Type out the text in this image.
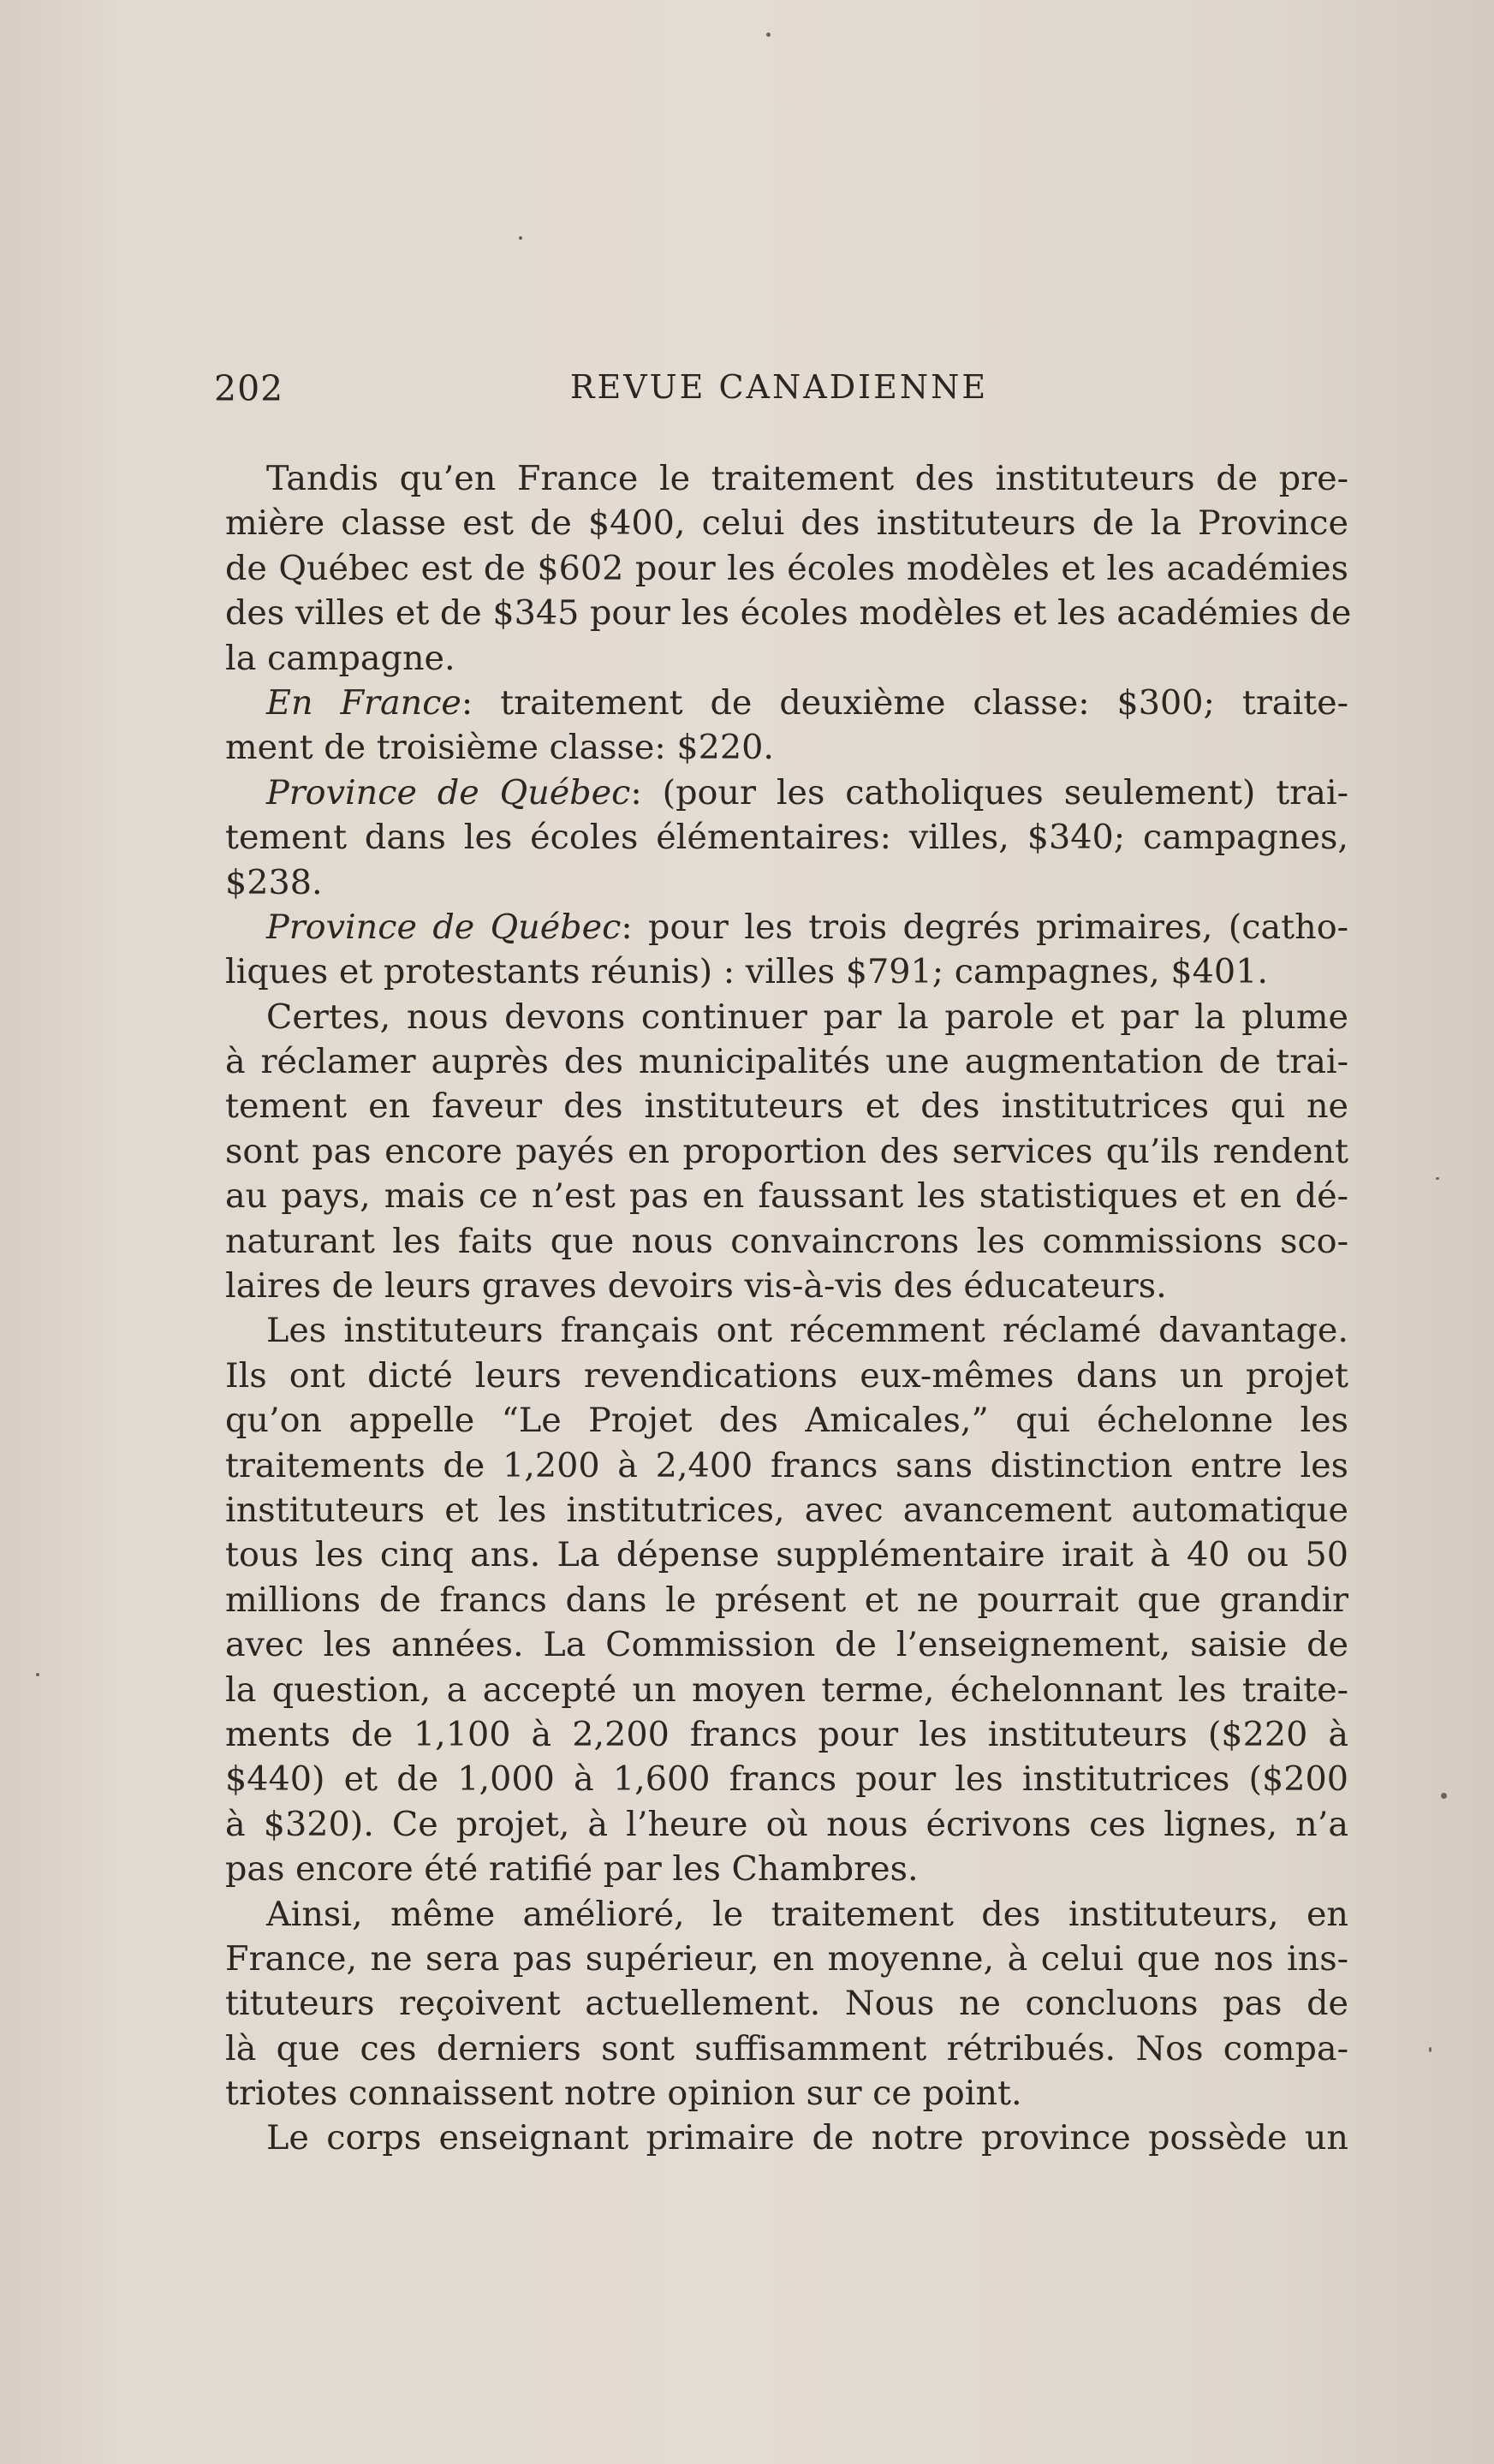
202	REVUE CANADIENNE
Tandis qu’en France le traitement des instituteurs de pre-
mière classe est de $400, celui des instituteurs de la Province
de Québec est de $602 pour les écoles modèles et les académies
des villes et de $345 pour les écoles modèles et les académies de
la campagne.
En France: traitement de deuxième classe: $300; traite-
ment de troisième classe: $220.
Province de Québec: (pour les catholiques seulement) trai-
tement dans les écoles élémentaires: villes, $340; campagnes,
$238.
Province de Québec: pour les trois degrés primaires, (catho-
liques et protestants réunis) : villes $791; campagnes, $401.
Certes, nous devons continuer par la parole et par la plume
à réclamer auprès des municipalités une augmentation de trai-
tement en faveur des instituteurs et des institutrices qui ne
sont pas encore payés en proportion des services qu’ils rendent
au pays, mais ce n’est pas en faussant les statistiques et en dé-
naturant les faits que nous convaincrons les commissions sco-
laires de leurs graves devoirs vis-à-vis des éducateurs.
Les instituteurs français ont récemment réclamé davantage.
Ils ont dicté leurs revendications eux-mêmes dans un projet
qu’on appelle “Le Projet des Amicales,” qui échelonne les
traitements de 1,200 à 2,400 francs sans distinction entre les
instituteurs et les institutrices, avec avancement automatique
tous les cinq ans. La dépense supplémentaire irait à 40 ou 50
millions de francs dans le présent et ne pourrait que grandir
avec les années. La Commission de l’enseignement, saisie de
la question, a accepté un moyen terme, échelonnant les traite-
ments de 1,100 à 2,200 francs pour les instituteurs ($220 à
$440) et de 1,000 à 1,600 francs pour les institutrices ($200
à $320). Ce projet, à l’heure où nous écrivons ces lignes, n’a
pas encore été ratifié par les Chambres.
Ainsi, même amélioré, le traitement des instituteurs, en
France, ne sera pas supérieur, en moyenne, à celui que nos ins-
tituteurs reçoivent actuellement. Nous ne concluons pas de
là que ces derniers sont suffisamment rétribués. Nos compa-
triotes connaissent notre opinion sur ce point.
Le corps enseignant primaire de notre province possède un
